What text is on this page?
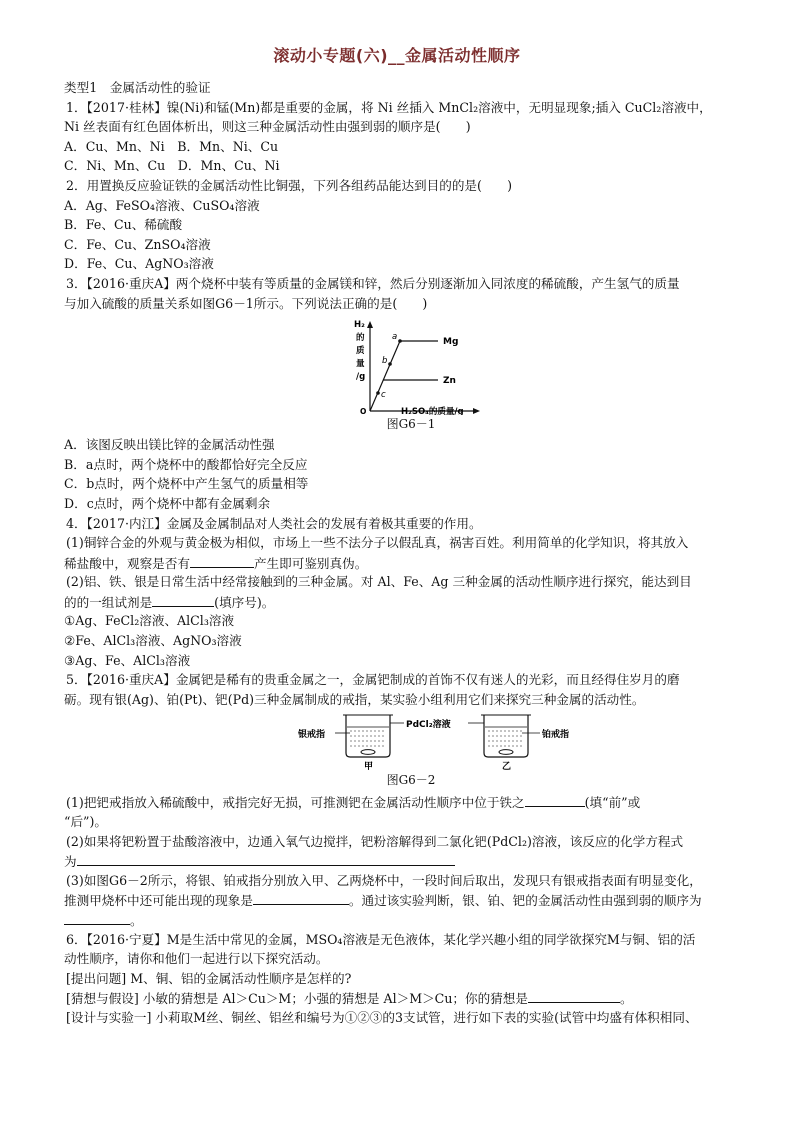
滚动小专题(六)__金属活动性顺序
类型1　金属活动性的验证
1．【2017·桂林】镍(Ni)和锰(Mn)都是重要的金属，将 Ni 丝插入 MnCl₂溶液中，无明显现象;插入 CuCl₂溶液中，
Ni 丝表面有红色固体析出，则这三种金属活动性由强到弱的顺序是(　　)
A．Cu、Mn、Ni　B．Mn、Ni、Cu
C．Ni、Mn、Cu　D．Mn、Cu、Ni
2．用置换反应验证铁的金属活动性比铜强，下列各组药品能达到目的的是(　　)
A．Ag、FeSO₄溶液、CuSO₄溶液
B．Fe、Cu、稀硫酸
C．Fe、Cu、ZnSO₄溶液
D．Fe、Cu、AgNO₃溶液
3．【2016·重庆A】两个烧杯中装有等质量的金属镁和锌，然后分别逐渐加入同浓度的稀硫酸，产生氢气的质量
与加入硫酸的质量关系如图G6－1所示。下列说法正确的是(　　)
H₂
的
质
量
/g
a
b
c
Mg
Zn
O	H₂SO₄的质量/g
图G6－1
A．该图反映出镁比锌的金属活动性强
B．a点时，两个烧杯中的酸都恰好完全反应
C．b点时，两个烧杯中产生氢气的质量相等
D．c点时，两个烧杯中都有金属剩余
4．【2017·内江】金属及金属制品对人类社会的发展有着极其重要的作用。
(1)铜锌合金的外观与黄金极为相似，市场上一些不法分子以假乱真，祸害百姓。利用简单的化学知识，将其放入
稀盐酸中，观察是否有	产生即可鉴别真伪。
(2)铝、铁、银是日常生活中经常接触到的三种金属。对 Al、Fe、Ag 三种金属的活动性顺序进行探究，能达到目
的的一组试剂是	(填序号)。
①Ag、FeCl₂溶液、AlCl₃溶液
②Fe、AlCl₃溶液、AgNO₃溶液
③Ag、Fe、AlCl₃溶液
5．【2016·重庆A】金属钯是稀有的贵重金属之一，金属钯制成的首饰不仅有迷人的光彩，而且经得住岁月的磨
砺。现有银(Ag)、铂(Pt)、钯(Pd)三种金属制成的戒指，某实验小组利用它们来探究三种金属的活动性。
银戒指
PdCl₂溶液
铂戒指
甲	乙
图G6－2
(1)把钯戒指放入稀硫酸中，戒指完好无损，可推测钯在金属活动性顺序中位于铁之	(填“前”或
“后”)。
(2)如果将钯粉置于盐酸溶液中，边通入氧气边搅拌，钯粉溶解得到二氯化钯(PdCl₂)溶液，该反应的化学方程式
为
(3)如图G6－2所示，将银、铂戒指分别放入甲、乙两烧杯中，一段时间后取出，发现只有银戒指表面有明显变化，
推测甲烧杯中还可能出现的现象是	。通过该实验判断，银、铂、钯的金属活动性由强到弱的顺序为
。
6．【2016·宁夏】M是生活中常见的金属，MSO₄溶液是无色液体，某化学兴趣小组的同学欲探究M与铜、铝的活
动性顺序，请你和他们一起进行以下探究活动。
[提出问题] M、铜、铝的金属活动性顺序是怎样的?
[猜想与假设] 小敏的猜想是 Al＞Cu＞M；小强的猜想是 Al＞M＞Cu；你的猜想是	。
[设计与实验一] 小莉取M丝、铜丝、铝丝和编号为①②③的3支试管，进行如下表的实验(试管中均盛有体积相同、
